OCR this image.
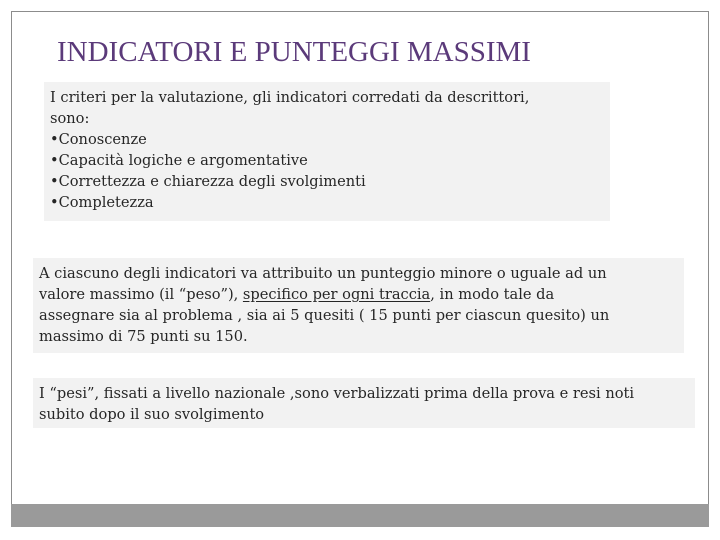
INDICATORI E PUNTEGGI MASSIMI
I criteri per la valutazione, gli indicatori corredati da descrittori,
sono:
•Conoscenze
•Capacità logiche e argomentative
•Correttezza e chiarezza degli svolgimenti
•Completezza
A ciascuno degli indicatori va attribuito un punteggio minore o uguale ad un
valore massimo (il “peso”), specifico per ogni traccia, in modo tale da
assegnare sia al problema , sia ai 5 quesiti ( 15 punti per ciascun quesito) un
massimo di 75 punti su 150.
I “pesi”, fissati a livello nazionale ,sono verbalizzati prima della prova e resi noti
subito dopo il suo svolgimento
